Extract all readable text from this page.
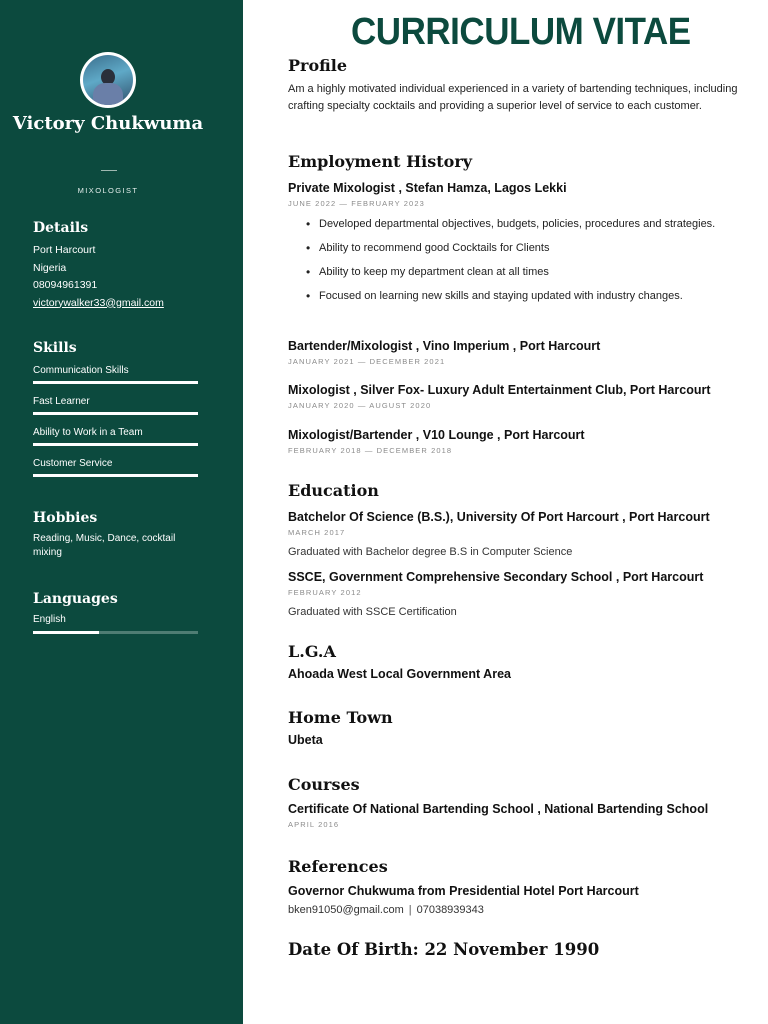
Victory Chukwuma
MIXOLOGIST
Details
Port Harcourt
Nigeria
08094961391
victorywalker33@gmail.com
Skills
Communication Skills
Fast Learner
Ability to Work in a Team
Customer Service
Hobbies
Reading, Music, Dance, cocktail mixing
Languages
English
CURRICULUM VITAE
Profile
Am a highly motivated individual experienced in a variety of bartending techniques, including crafting specialty cocktails and providing a superior level of service to each customer.
Employment History
Private Mixologist , Stefan Hamza, Lagos Lekki
JUNE 2022 — FEBRUARY 2023
• Developed departmental objectives, budgets, policies, procedures and strategies.
• Ability to recommend good Cocktails for Clients
• Ability to keep my department clean at all times
• Focused on learning new skills and staying updated with industry changes.
Bartender/Mixologist , Vino Imperium , Port Harcourt
JANUARY 2021 — DECEMBER 2021
Mixologist , Silver Fox- Luxury Adult Entertainment Club, Port Harcourt
JANUARY 2020 — AUGUST 2020
Mixologist/Bartender , V10 Lounge , Port Harcourt
FEBRUARY 2018 — DECEMBER 2018
Education
Batchelor Of Science (B.S.), University Of Port Harcourt , Port Harcourt
MARCH 2017
Graduated with Bachelor degree B.S in Computer Science
SSCE, Government Comprehensive Secondary School , Port Harcourt
FEBRUARY 2012
Graduated with SSCE Certification
L.G.A
Ahoada West Local Government Area
Home Town
Ubeta
Courses
Certificate Of National Bartending School , National Bartending School
APRIL 2016
References
Governor Chukwuma from Presidential Hotel Port Harcourt
bken91050@gmail.com | 07038939343
Date Of Birth: 22 November 1990
